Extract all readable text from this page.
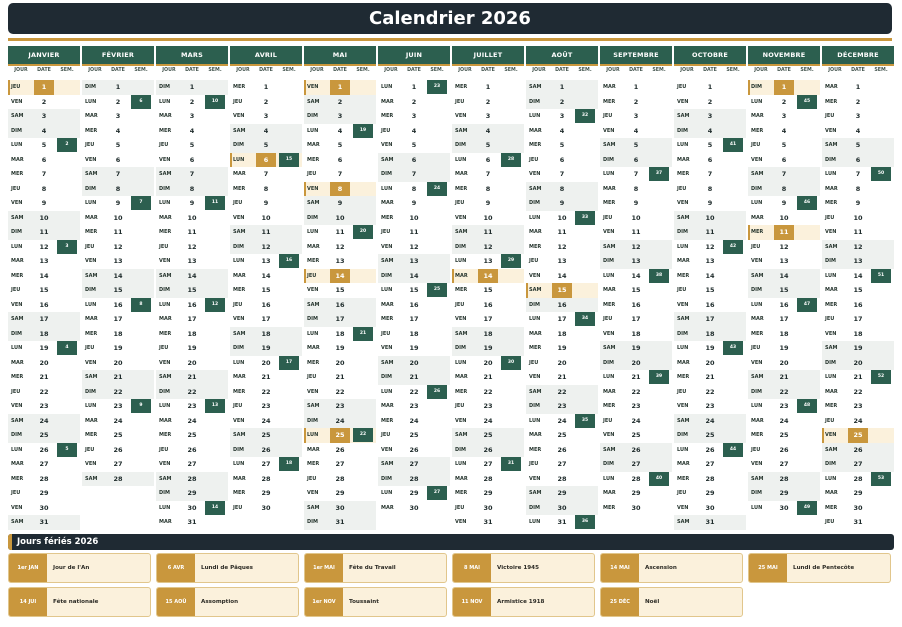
Calendrier 2026
JANVIER
JOUR	DATE	SEM.
JEU	1
VEN	2
SAM	3
DIM	4
LUN	5	2
MAR	6
MER	7
JEU	8
VEN	9
SAM	10
DIM	11
LUN	12	3
MAR	13
MER	14
JEU	15
VEN	16
SAM	17
DIM	18
LUN	19	4
MAR	20
MER	21
JEU	22
VEN	23
SAM	24
DIM	25
LUN	26	5
MAR	27
MER	28
JEU	29
VEN	30
SAM	31
FÉVRIER
JOUR	DATE	SEM.
DIM	1
LUN	2	6
MAR	3
MER	4
JEU	5
VEN	6
SAM	7
DIM	8
LUN	9	7
MAR	10
MER	11
JEU	12
VEN	13
SAM	14
DIM	15
LUN	16	8
MAR	17
MER	18
JEU	19
VEN	20
SAM	21
DIM	22
LUN	23	9
MAR	24
MER	25
JEU	26
VEN	27
SAM	28
MARS
JOUR	DATE	SEM.
DIM	1
LUN	2	10
MAR	3
MER	4
JEU	5
VEN	6
SAM	7
DIM	8
LUN	9	11
MAR	10
MER	11
JEU	12
VEN	13
SAM	14
DIM	15
LUN	16	12
MAR	17
MER	18
JEU	19
VEN	20
SAM	21
DIM	22
LUN	23	13
MAR	24
MER	25
JEU	26
VEN	27
SAM	28
DIM	29
LUN	30	14
MAR	31
AVRIL
JOUR	DATE	SEM.
MER	1
JEU	2
VEN	3
SAM	4
DIM	5
LUN	6	15
MAR	7
MER	8
JEU	9
VEN	10
SAM	11
DIM	12
LUN	13	16
MAR	14
MER	15
JEU	16
VEN	17
SAM	18
DIM	19
LUN	20	17
MAR	21
MER	22
JEU	23
VEN	24
SAM	25
DIM	26
LUN	27	18
MAR	28
MER	29
JEU	30
MAI
JOUR	DATE	SEM.
VEN	1
SAM	2
DIM	3
LUN	4	19
MAR	5
MER	6
JEU	7
VEN	8
SAM	9
DIM	10
LUN	11	20
MAR	12
MER	13
JEU	14
VEN	15
SAM	16
DIM	17
LUN	18	21
MAR	19
MER	20
JEU	21
VEN	22
SAM	23
DIM	24
LUN	25	22
MAR	26
MER	27
JEU	28
VEN	29
SAM	30
DIM	31
JUIN
JOUR	DATE	SEM.
LUN	1	23
MAR	2
MER	3
JEU	4
VEN	5
SAM	6
DIM	7
LUN	8	24
MAR	9
MER	10
JEU	11
VEN	12
SAM	13
DIM	14
LUN	15	25
MAR	16
MER	17
JEU	18
VEN	19
SAM	20
DIM	21
LUN	22	26
MAR	23
MER	24
JEU	25
VEN	26
SAM	27
DIM	28
LUN	29	27
MAR	30
JUILLET
JOUR	DATE	SEM.
MER	1
JEU	2
VEN	3
SAM	4
DIM	5
LUN	6	28
MAR	7
MER	8
JEU	9
VEN	10
SAM	11
DIM	12
LUN	13	29
MAR	14
MER	15
JEU	16
VEN	17
SAM	18
DIM	19
LUN	20	30
MAR	21
MER	22
JEU	23
VEN	24
SAM	25
DIM	26
LUN	27	31
MAR	28
MER	29
JEU	30
VEN	31
AOÛT
JOUR	DATE	SEM.
SAM	1
DIM	2
LUN	3	32
MAR	4
MER	5
JEU	6
VEN	7
SAM	8
DIM	9
LUN	10	33
MAR	11
MER	12
JEU	13
VEN	14
SAM	15
DIM	16
LUN	17	34
MAR	18
MER	19
JEU	20
VEN	21
SAM	22
DIM	23
LUN	24	35
MAR	25
MER	26
JEU	27
VEN	28
SAM	29
DIM	30
LUN	31	36
SEPTEMBRE
JOUR	DATE	SEM.
MAR	1
MER	2
JEU	3
VEN	4
SAM	5
DIM	6
LUN	7	37
MAR	8
MER	9
JEU	10
VEN	11
SAM	12
DIM	13
LUN	14	38
MAR	15
MER	16
JEU	17
VEN	18
SAM	19
DIM	20
LUN	21	39
MAR	22
MER	23
JEU	24
VEN	25
SAM	26
DIM	27
LUN	28	40
MAR	29
MER	30
OCTOBRE
JOUR	DATE	SEM.
JEU	1
VEN	2
SAM	3
DIM	4
LUN	5	41
MAR	6
MER	7
JEU	8
VEN	9
SAM	10
DIM	11
LUN	12	42
MAR	13
MER	14
JEU	15
VEN	16
SAM	17
DIM	18
LUN	19	43
MAR	20
MER	21
JEU	22
VEN	23
SAM	24
DIM	25
LUN	26	44
MAR	27
MER	28
JEU	29
VEN	30
SAM	31
NOVEMBRE
JOUR	DATE	SEM.
DIM	1
LUN	2	45
MAR	3
MER	4
JEU	5
VEN	6
SAM	7
DIM	8
LUN	9	46
MAR	10
MER	11
JEU	12
VEN	13
SAM	14
DIM	15
LUN	16	47
MAR	17
MER	18
JEU	19
VEN	20
SAM	21
DIM	22
LUN	23	48
MAR	24
MER	25
JEU	26
VEN	27
SAM	28
DIM	29
LUN	30	49
DÉCEMBRE
JOUR	DATE	SEM.
MAR	1
MER	2
JEU	3
VEN	4
SAM	5
DIM	6
LUN	7	50
MAR	8
MER	9
JEU	10
VEN	11
SAM	12
DIM	13
LUN	14	51
MAR	15
MER	16
JEU	17
VEN	18
SAM	19
DIM	20
LUN	21	52
MAR	22
MER	23
JEU	24
VEN	25
SAM	26
DIM	27
LUN	28	53
MAR	29
MER	30
JEU	31
Jours fériés 2026
1er JAN	Jour de l'An	6 AVR	Lundi de Pâques	1er MAI	Fête du Travail	8 MAI	Victoire 1945	14 MAI	Ascension	25 MAI	Lundi de Pentecôte
14 JUI	Fête nationale	15 AOÛ	Assomption	1er NOV	Toussaint	11 NOV	Armistice 1918	25 DÉC	Noël
